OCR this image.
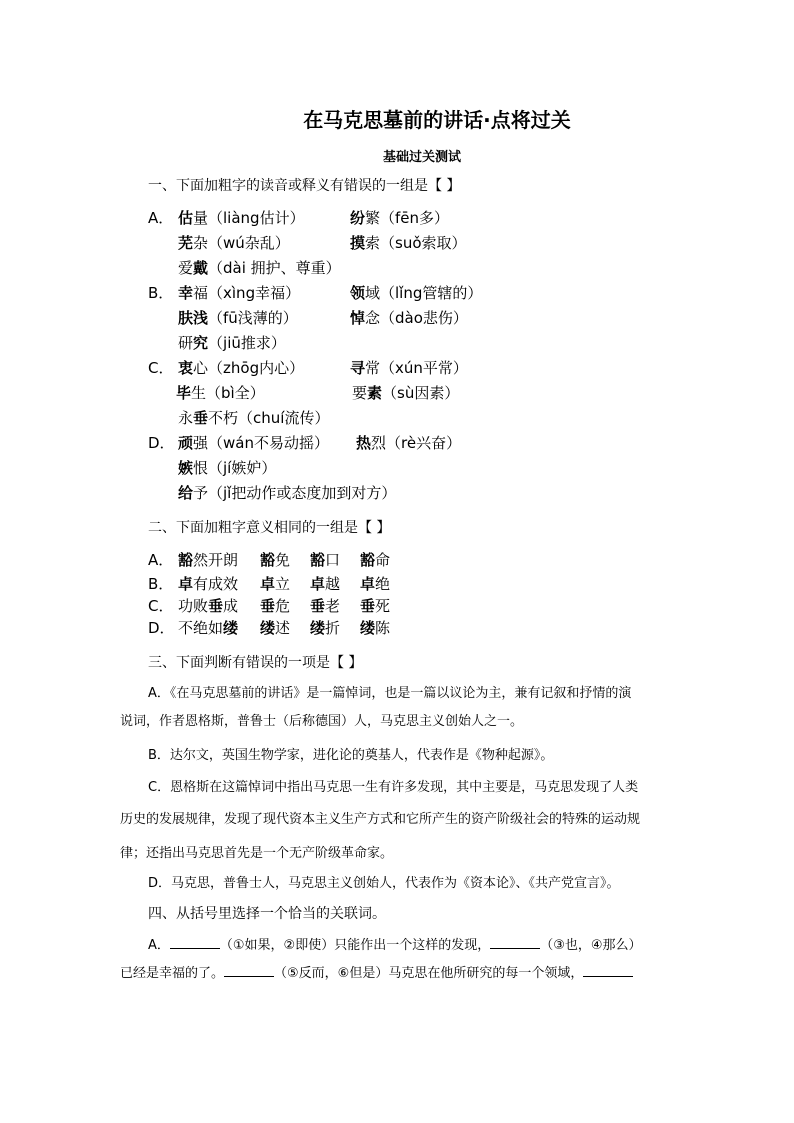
在马克思墓前的讲话·点将过关
基础过关测试
一、下面加粗字的读音或释义有错误的一组是【 】
A． 估量（liàng估计）	纷繁（fēn多）
芜杂（wú杂乱）	摸索（suǒ索取）
爱戴（dài 拥护、尊重）
B． 幸福（xìng幸福）	领域（lǐng管辖的）
肤浅（fū浅薄的）	悼念（dào悲伤）
研究（jiū推求）
C． 衷心（zhōg内心）	寻常（xún平常）
毕生（bì全）	要素（sù因素）
永垂不朽（chuí流传）
D． 顽强（wán不易动摇） 热烈（rè兴奋）
嫉恨（jí嫉妒）
给予（jǐ把动作或态度加到对方）
二、下面加粗字意义相同的一组是【 】
A． 豁然开朗 豁免 豁口 豁命
B． 卓有成效 卓立 卓越 卓绝
C． 功败垂成 垂危 垂老 垂死
D． 不绝如缕 缕述 缕折 缕陈
三、下面判断有错误的一项是【 】
A．《在马克思墓前的讲话》是一篇悼词，也是一篇以议论为主，兼有记叙和抒情的演
说词，作者恩格斯，普鲁士（后称德国）人，马克思主义创始人之一。
B．达尔文，英国生物学家，进化论的奠基人，代表作是《物种起源》。
C．恩格斯在这篇悼词中指出马克思一生有许多发现，其中主要是，马克思发现了人类
历史的发展规律，发现了现代资本主义生产方式和它所产生的资产阶级社会的特殊的运动规
律；还指出马克思首先是一个无产阶级革命家。
D．马克思，普鲁士人，马克思主义创始人，代表作为《资本论》、《共产党宣言》。
四、从括号里选择一个恰当的关联词。
A．	（①如果，②即使）只能作出一个这样的发现，	（③也，④那么）
已经是幸福的了。	（⑤反而，⑥但是）马克思在他所研究的每一个领域，
